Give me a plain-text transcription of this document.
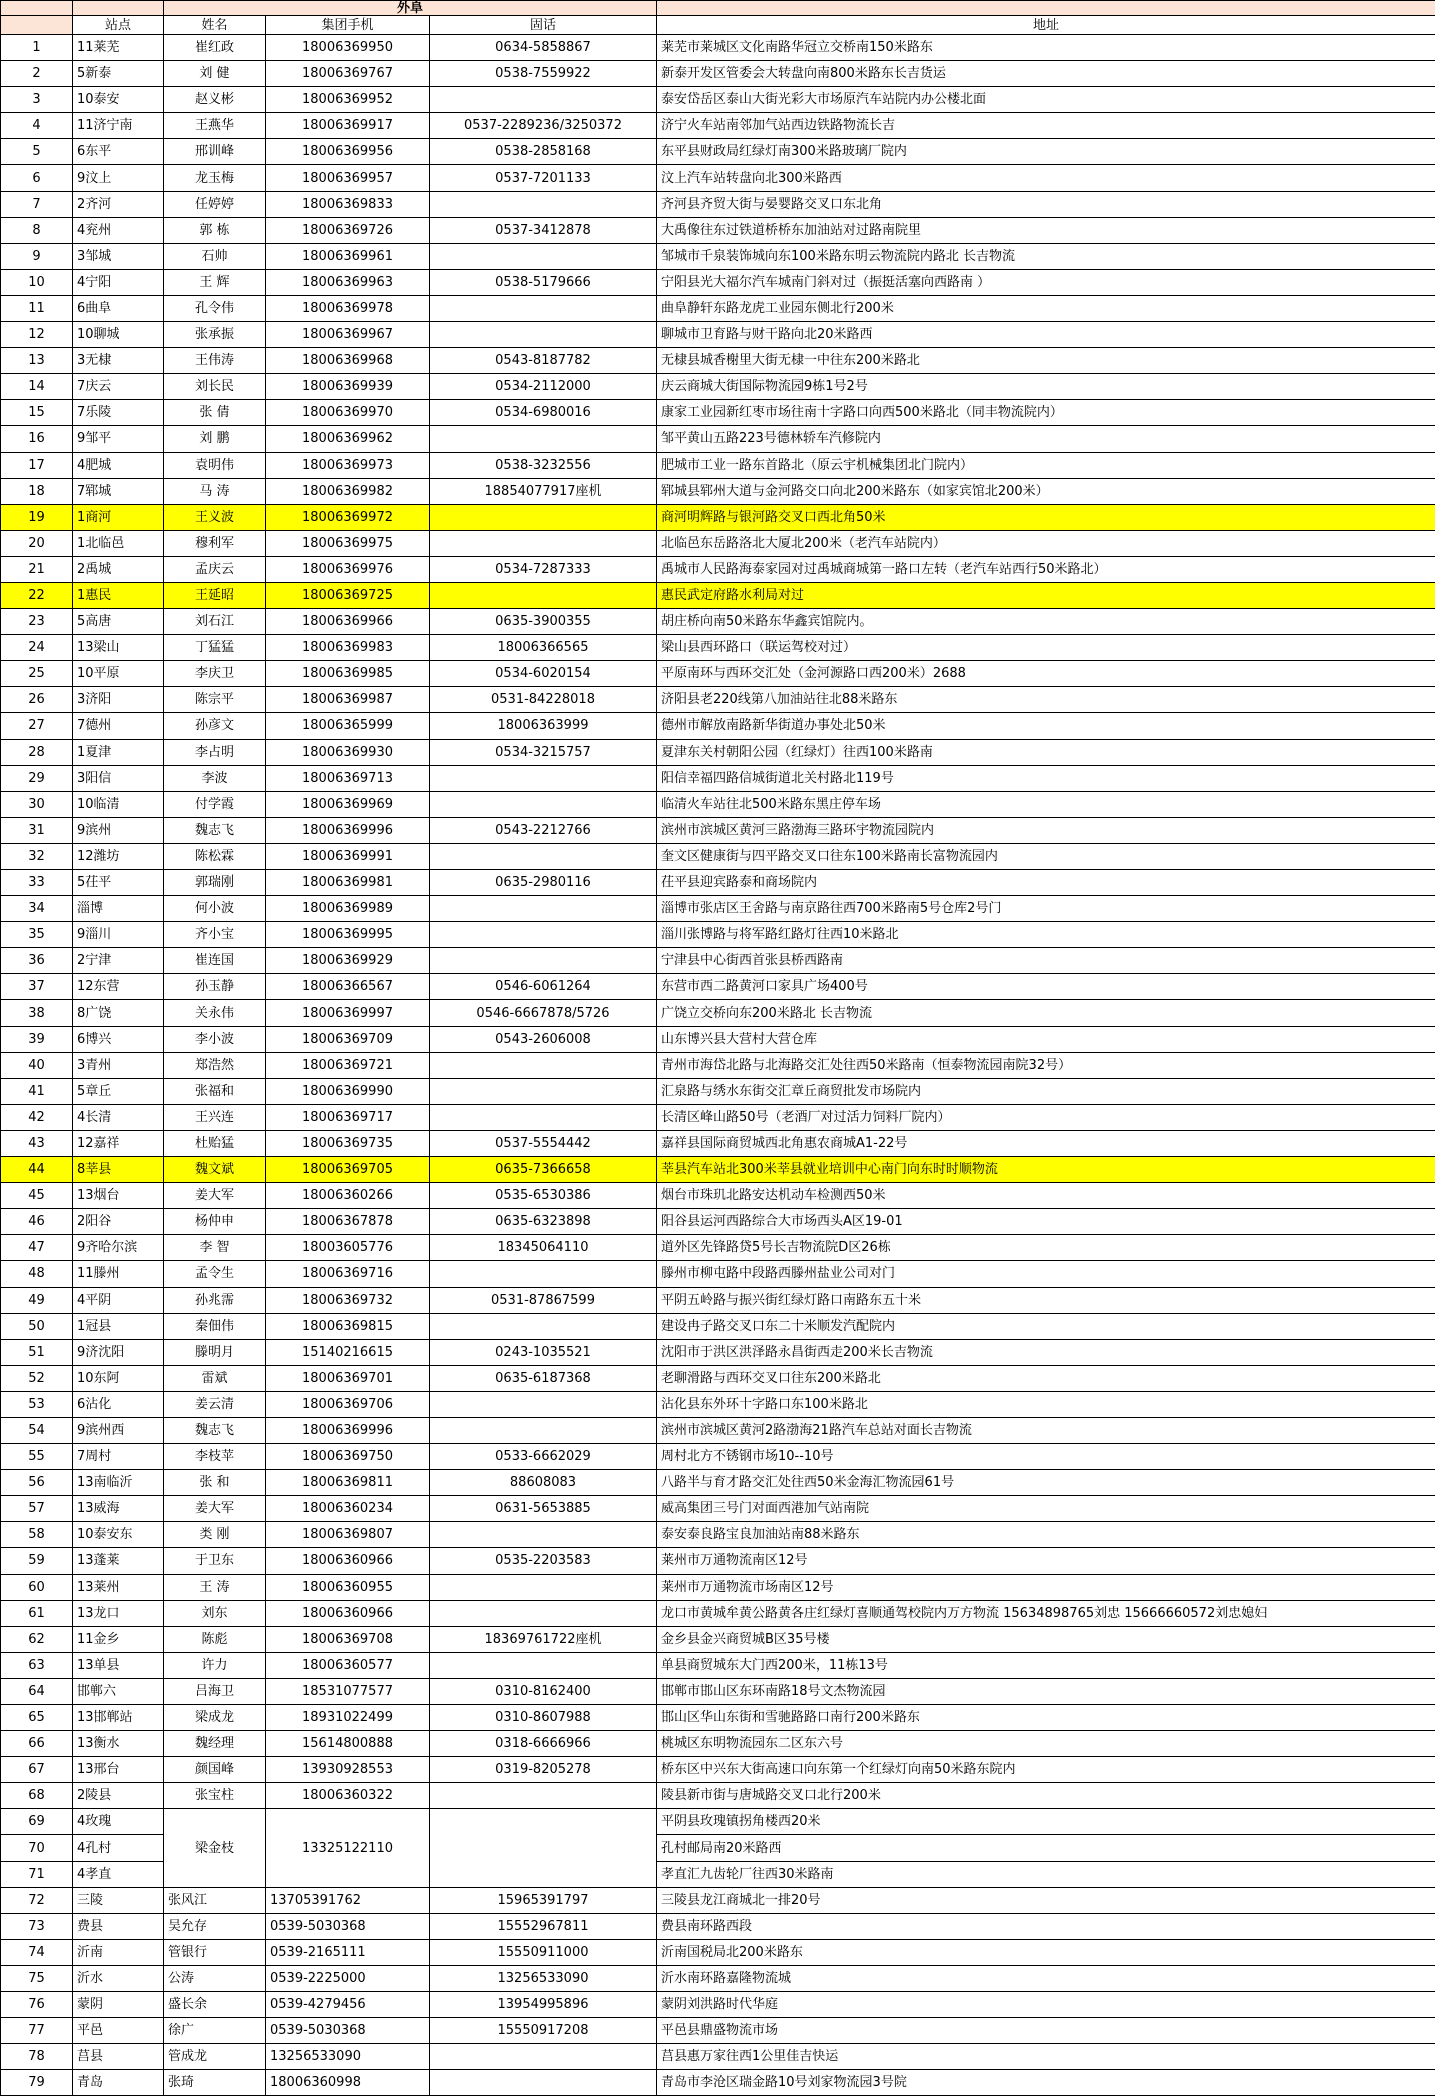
		外阜			
	站点	姓名	集团手机	固话	地址
1	11莱芜	崔红政	18006369950	0634-5858867	莱芜市莱城区文化南路华冠立交桥南150米路东
2	5新泰	刘 健	18006369767	0538-7559922	新泰开发区管委会大转盘向南800米路东长吉货运
3	10泰安	赵义彬	18006369952		泰安岱岳区泰山大街光彩大市场原汽车站院内办公楼北面
4	11济宁南	王燕华	18006369917	0537-2289236/3250372	济宁火车站南邻加气站西边铁路物流长吉
5	6东平	邢训峰	18006369956	0538-2858168	东平县财政局红绿灯南300米路玻璃厂院内
6	9汶上	龙玉梅	18006369957	0537-7201133	汶上汽车站转盘向北300米路西
7	2齐河	任婷婷	18006369833		齐河县齐贸大街与晏婴路交叉口东北角
8	4兖州	郭 栋	18006369726	0537-3412878	大禹像往东过铁道桥桥东加油站对过路南院里
9	3邹城	石帅	18006369961		邹城市千泉装饰城向东100米路东明云物流院内路北 长吉物流
10	4宁阳	王 辉	18006369963	0538-5179666	宁阳县光大福尔汽车城南门斜对过（振挺活塞向西路南 ）
11	6曲阜	孔令伟	18006369978		曲阜静轩东路龙虎工业园东侧北行200米
12	10聊城	张承振	18006369967		聊城市卫育路与财干路向北20米路西
13	3无棣	王伟涛	18006369968	0543-8187782	无棣县城香榭里大街无棣一中往东200米路北
14	7庆云	刘长民	18006369939	0534-2112000	庆云商城大街国际物流园9栋1号2号
15	7乐陵	张 倩	18006369970	0534-6980016	康家工业园新红枣市场往南十字路口向西500米路北（同丰物流院内）
16	9邹平	刘 鹏	18006369962		邹平黄山五路223号德林轿车汽修院内
17	4肥城	袁明伟	18006369973	0538-3232556	肥城市工业一路东首路北（原云宇机械集团北门院内）
18	7郓城	马 涛	18006369982	18854077917座机	郓城县郓州大道与金河路交口向北200米路东（如家宾馆北200米）
19	1商河	王义波	18006369972		商河明辉路与银河路交叉口西北角50米
20	1北临邑	穆利军	18006369975		北临邑东岳路洛北大厦北200米（老汽车站院内）
21	2禹城	孟庆云	18006369976	0534-7287333	禹城市人民路海泰家园对过禹城商城第一路口左转（老汽车站西行50米路北）
22	1惠民	王延昭	18006369725		惠民武定府路水利局对过
23	5高唐	刘石江	18006369966	0635-3900355	胡庄桥向南50米路东华鑫宾馆院内。
24	13梁山	丁猛猛	18006369983	18006366565	梁山县西环路口（联运驾校对过）
25	10平原	李庆卫	18006369985	0534-6020154	平原南环与西环交汇处（金河源路口西200米）2688
26	3济阳	陈宗平	18006369987	0531-84228018	济阳县老220线第八加油站往北88米路东
27	7德州	孙彦文	18006365999	18006363999	德州市解放南路新华街道办事处北50米
28	1夏津	李占明	18006369930	0534-3215757	夏津东关村朝阳公园（红绿灯）往西100米路南
29	3阳信	李波	18006369713		阳信幸福四路信城街道北关村路北119号
30	10临清	付学霞	18006369969		临清火车站往北500米路东黑庄停车场
31	9滨州	魏志飞	18006369996	0543-2212766	滨州市滨城区黄河三路渤海三路环宇物流园院内
32	12潍坊	陈松霖	18006369991		奎文区健康街与四平路交叉口往东100米路南长富物流园内
33	5茌平	郭瑞刚	18006369981	0635-2980116	茌平县迎宾路泰和商场院内
34	淄博	何小波	18006369989		淄博市张店区王舍路与南京路往西700米路南5号仓库2号门
35	9淄川	齐小宝	18006369995		淄川张博路与将军路红路灯往西10米路北
36	2宁津	崔连国	18006369929		宁津县中心街西首张县桥西路南
37	12东营	孙玉静	18006366567	0546-6061264	东营市西二路黄河口家具广场400号
38	8广饶	关永伟	18006369997	0546-6667878/5726	广饶立交桥向东200米路北 长吉物流
39	6博兴	李小波	18006369709	0543-2606008	山东博兴县大营村大营仓库
40	3青州	郑浩然	18006369721		青州市海岱北路与北海路交汇处往西50米路南（恒泰物流园南院32号）
41	5章丘	张福和	18006369990		汇泉路与绣水东街交汇章丘商贸批发市场院内
42	4长清	王兴连	18006369717		长清区峰山路50号（老酒厂对过活力饲料厂院内）
43	12嘉祥	杜贻猛	18006369735	0537-5554442	嘉祥县国际商贸城西北角惠农商城A1-22号
44	8莘县	魏文斌	18006369705	0635-7366658	莘县汽车站北300米莘县就业培训中心南门向东时时顺物流
45	13烟台	姜大军	18006360266	0535-6530386	烟台市珠玑北路安达机动车检测西50米
46	2阳谷	杨仲申	18006367878	0635-6323898	阳谷县运河西路综合大市场西头A区19-01
47	9齐哈尔滨	李 智	18003605776	18345064110	道外区先锋路贷5号长吉物流院D区26栋
48	11滕州	孟令生	18006369716		滕州市柳屯路中段路西滕州盐业公司对门
49	4平阴	孙兆霈	18006369732	0531-87867599	平阴五岭路与振兴街红绿灯路口南路东五十米
50	1冠县	秦佃伟	18006369815		建设冉子路交叉口东二十米顺发汽配院内
51	9济沈阳	滕明月	15140216615	0243-1035521	沈阳市于洪区洪泽路永昌街西走200米长吉物流
52	10东阿	雷斌	18006369701	0635-6187368	老聊滑路与西环交叉口往东200米路北
53	6沾化	姜云清	18006369706		沾化县东外环十字路口东100米路北
54	9滨州西	魏志飞	18006369996		滨州市滨城区黄河2路渤海21路汽车总站对面长吉物流
55	7周村	李枝苹	18006369750	0533-6662029	周村北方不锈钢市场10--10号
56	13南临沂	张 和	18006369811	88608083	八路半与育才路交汇处往西50米金海汇物流园61号
57	13威海	姜大军	18006360234	0631-5653885	威高集团三号门对面西港加气站南院
58	10泰安东	类 刚	18006369807		泰安泰良路宝良加油站南88米路东
59	13蓬莱	于卫东	18006360966	0535-2203583	莱州市万通物流南区12号
60	13莱州	王 涛	18006360955		莱州市万通物流市场南区12号
61	13龙口	刘东	18006360966		龙口市黄城牟黄公路黄各庄红绿灯喜顺通驾校院内万方物流 15634898765刘忠 15666660572刘忠媳妇
62	11金乡	陈彪	18006369708	18369761722座机	金乡县金兴商贸城B区35号楼
63	13单县	许力	18006360577		单县商贸城东大门西200米，11栋13号
64	邯郸六	吕海卫	18531077577	0310-8162400	邯郸市邯山区东环南路18号文杰物流园
65	13邯郸站	梁成龙	18931022499	0310-8607988	邯山区华山东街和雪驰路路口南行200米路东
66	13衡水	魏经理	15614800888	0318-6666966	桃城区东明物流园东二区东六号
67	13邢台	颜国峰	13930928553	0319-8205278	桥东区中兴东大街高速口向东第一个红绿灯向南50米路东院内
68	2陵县	张宝柱	18006360322		陵县新市街与唐城路交叉口北行200米
69	4玫瑰	梁金枝	13325122110		平阴县玫瑰镇拐角楼西20米
70	4孔村				孔村邮局南20米路西
71	4孝直				孝直汇九齿轮厂往西30米路南
72	三陵	张风江	13705391762	15965391797	三陵县龙江商城北一排20号
73	费县	吴允存	0539-5030368	15552967811	费县南环路西段
74	沂南	管银行	0539-2165111	15550911000	沂南国税局北200米路东
75	沂水	公涛	0539-2225000	13256533090	沂水南环路嘉隆物流城
76	蒙阴	盛长余	0539-4279456	13954995896	蒙阴刘洪路时代华庭
77	平邑	徐广	0539-5030368	15550917208	平邑县鼎盛物流市场
78	莒县	管成龙	13256533090		莒县惠万家往西1公里佳吉快运
79	青岛	张琦	18006360998		青岛市李沧区瑞金路10号刘家物流园3号院
